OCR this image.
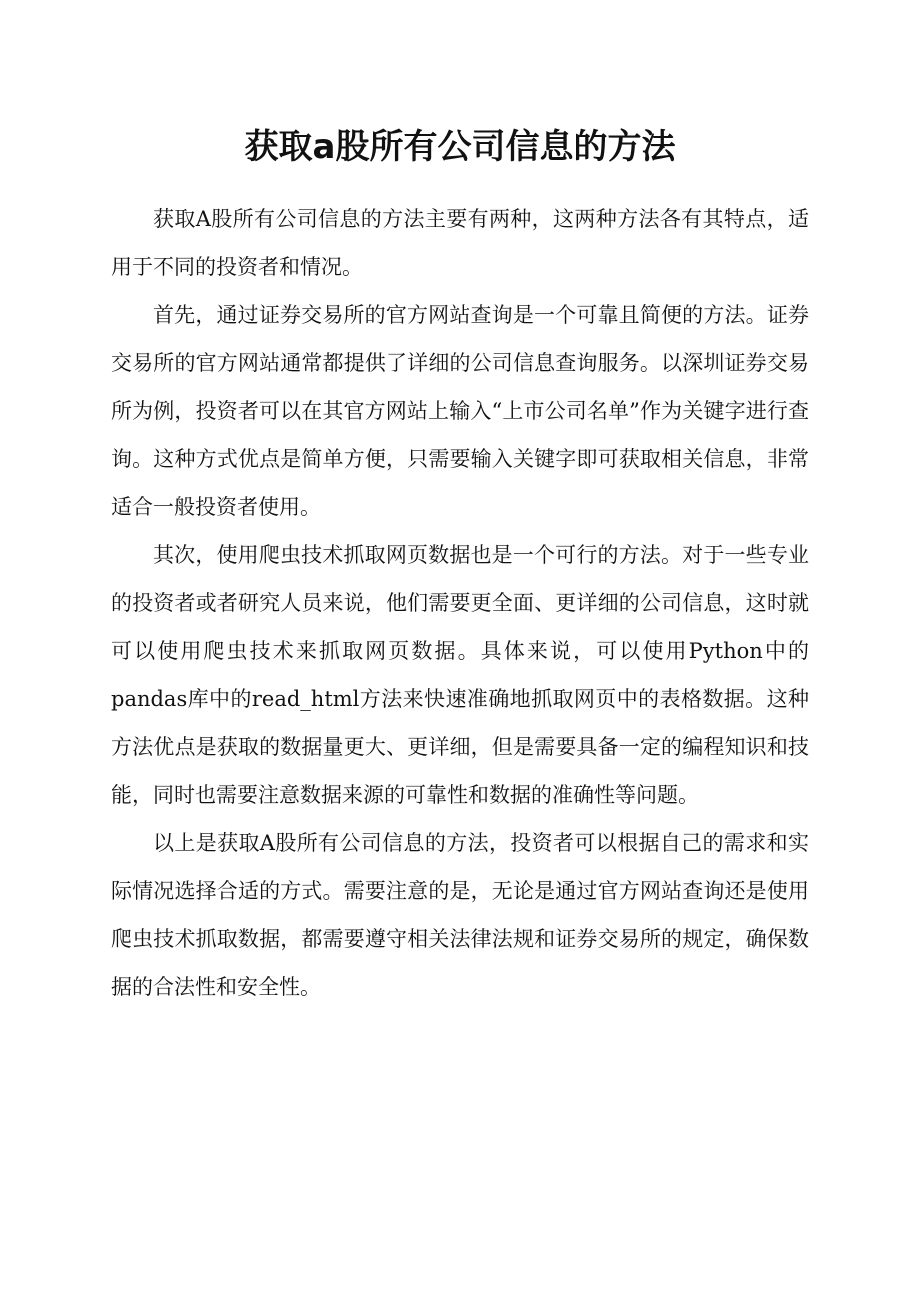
获取a股所有公司信息的方法

获取A股所有公司信息的方法主要有两种，这两种方法各有其特点，适用于不同的投资者和情况。

首先，通过证券交易所的官方网站查询是一个可靠且简便的方法。证券交易所的官方网站通常都提供了详细的公司信息查询服务。以深圳证券交易所为例，投资者可以在其官方网站上输入“上市公司名单”作为关键字进行查询。这种方式优点是简单方便，只需要输入关键字即可获取相关信息，非常适合一般投资者使用。

其次，使用爬虫技术抓取网页数据也是一个可行的方法。对于一些专业的投资者或者研究人员来说，他们需要更全面、更详细的公司信息，这时就可以使用爬虫技术来抓取网页数据。具体来说，可以使用Python中的pandas库中的read_html方法来快速准确地抓取网页中的表格数据。这种方法优点是获取的数据量更大、更详细，但是需要具备一定的编程知识和技能，同时也需要注意数据来源的可靠性和数据的准确性等问题。

以上是获取A股所有公司信息的方法，投资者可以根据自己的需求和实际情况选择合适的方式。需要注意的是，无论是通过官方网站查询还是使用爬虫技术抓取数据，都需要遵守相关法律法规和证券交易所的规定，确保数据的合法性和安全性。
